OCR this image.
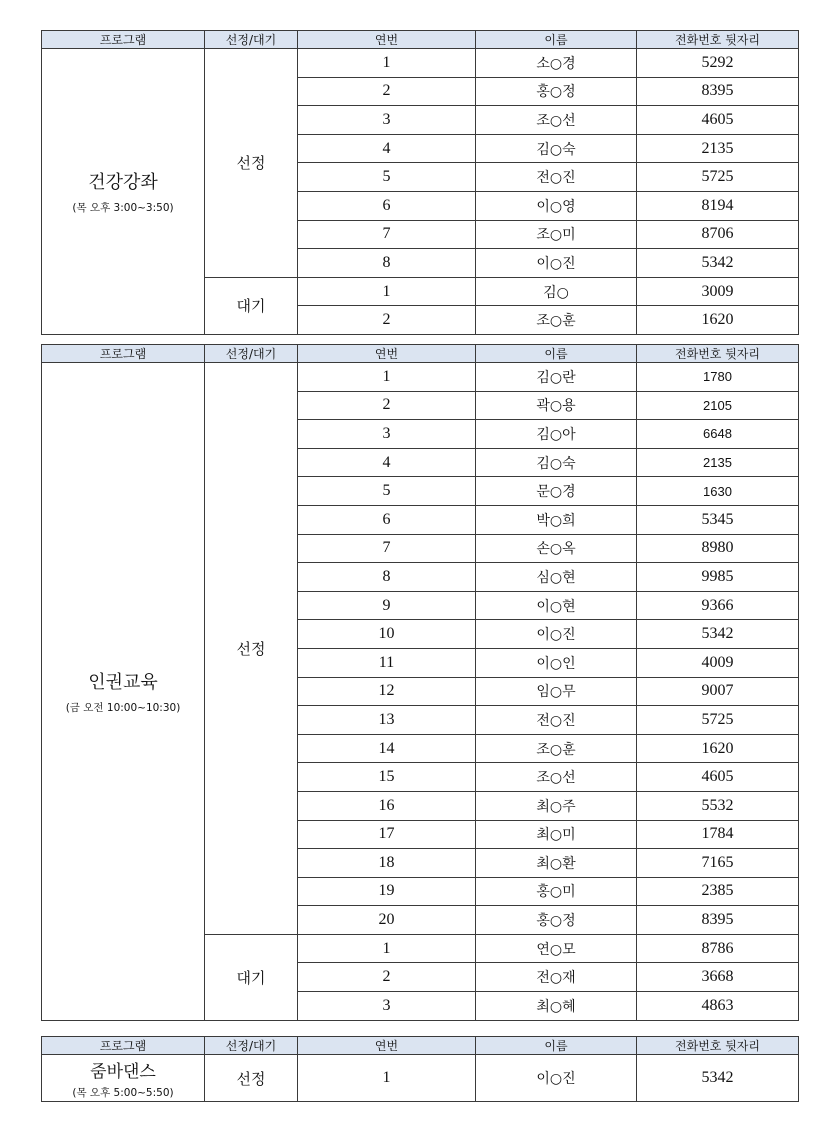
프로그램	선정/대기	연번	이름	전화번호 뒷자리

건강강좌
(목 오후 3:00~3:50)	선정	1	소○경	5292
		2	홍○정	8395
		3	조○선	4605
		4	김○숙	2135
		5	전○진	5725
		6	이○영	8194
		7	조○미	8706
		8	이○진	5342
	대기	1	김○	3009
		2	조○훈	1620
프로그램	선정/대기	연번	이름	전화번호 뒷자리

인권교육
(금 오전 10:00~10:30)	선정	1	김○란	1780
		2	곽○용	2105
		3	김○아	6648
		4	김○숙	2135
		5	문○경	1630
		6	박○희	5345
		7	손○옥	8980
		8	심○현	9985
		9	이○현	9366
		10	이○진	5342
		11	이○인	4009
		12	임○무	9007
		13	전○진	5725
		14	조○훈	1620
		15	조○선	4605
		16	최○주	5532
		17	최○미	1784
		18	최○환	7165
		19	홍○미	2385
		20	홍○정	8395
	대기	1	연○모	8786
		2	전○재	3668
		3	최○혜	4863
프로그램	선정/대기	연번	이름	전화번호 뒷자리

줌바댄스
(목 오후 5:00~5:50)	선정	1	이○진	5342
